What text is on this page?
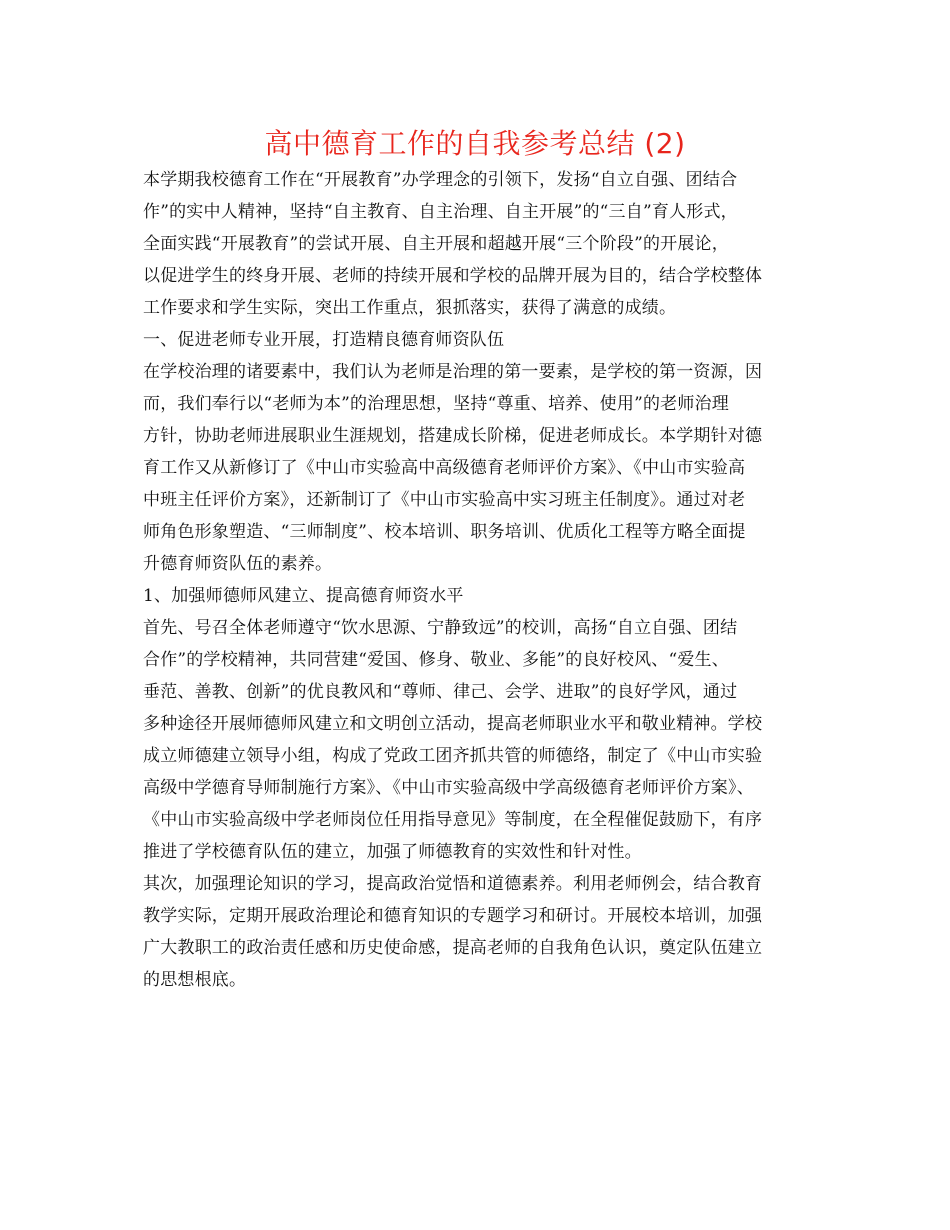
高中德育工作的自我参考总结 (2)
本学期我校德育工作在“开展教育”办学理念的引领下，发扬“自立自强、团结合
作”的实中人精神，坚持“自主教育、自主治理、自主开展”的“三自”育人形式，
全面实践“开展教育”的尝试开展、自主开展和超越开展“三个阶段”的开展论，
以促进学生的终身开展、老师的持续开展和学校的品牌开展为目的，结合学校整体
工作要求和学生实际，突出工作重点，狠抓落实，获得了满意的成绩。
一、促进老师专业开展，打造精良德育师资队伍
在学校治理的诸要素中，我们认为老师是治理的第一要素，是学校的第一资源，因
而，我们奉行以“老师为本”的治理思想，坚持“尊重、培养、使用”的老师治理
方针，协助老师进展职业生涯规划，搭建成长阶梯，促进老师成长。本学期针对德
育工作又从新修订了《中山市实验高中高级德育老师评价方案》、《中山市实验高
中班主任评价方案》，还新制订了《中山市实验高中实习班主任制度》。通过对老
师角色形象塑造、“三师制度”、校本培训、职务培训、优质化工程等方略全面提
升德育师资队伍的素养。
1、加强师德师风建立、提高德育师资水平
首先、号召全体老师遵守“饮水思源、宁静致远”的校训，高扬“自立自强、团结
合作”的学校精神，共同营建“爱国、修身、敬业、多能”的良好校风、“爱生、
垂范、善教、创新”的优良教风和“尊师、律己、会学、进取”的良好学风，通过
多种途径开展师德师风建立和文明创立活动，提高老师职业水平和敬业精神。学校
成立师德建立领导小组，构成了党政工团齐抓共管的师德络，制定了《中山市实验
高级中学德育导师制施行方案》、《中山市实验高级中学高级德育老师评价方案》、
《中山市实验高级中学老师岗位任用指导意见》等制度，在全程催促鼓励下，有序
推进了学校德育队伍的建立，加强了师德教育的实效性和针对性。
其次，加强理论知识的学习，提高政治觉悟和道德素养。利用老师例会，结合教育
教学实际，定期开展政治理论和德育知识的专题学习和研讨。开展校本培训，加强
广大教职工的政治责任感和历史使命感，提高老师的自我角色认识，奠定队伍建立
的思想根底。
